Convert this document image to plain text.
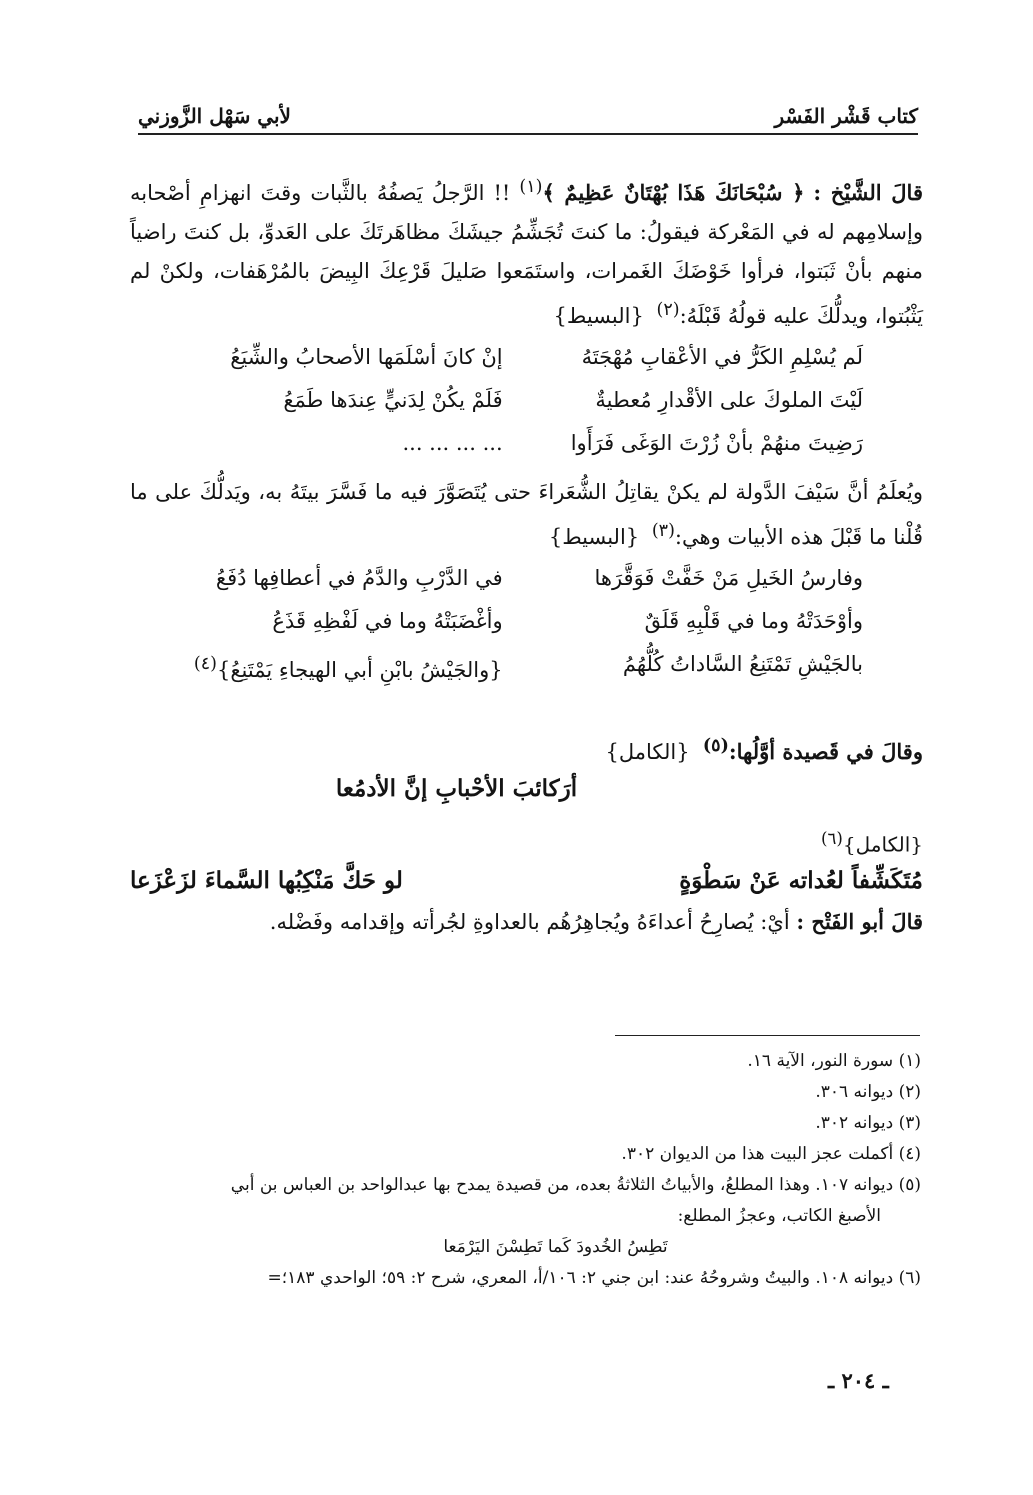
لأبي سَهْل الزَّوزني	كتاب قَشْر الفَسْر

قالَ الشَّيْخ : ﴿ سُبْحَانَكَ هَذَا بُهْتَانٌ عَظِيمٌ ﴾$^{(١)}$ !! الرَّجلُ يَصفُهُ بالثَّبات وقتَ انهزامِ أصْحابه وإسلامِهم له في المَعْركة فيقولُ: ما كنتَ تُجَشِّمُ جيشَكَ مظاهَرتَكَ على العَدوِّ، بل كنتَ راضياً منهم بأنْ ثَبَتوا، فرأوا خَوْضَكَ الغَمرات، واستَمَعوا صَليلَ قَرْعِكَ البِيضَ بالمُرْهَفات، ولكنْ لم يَثْبُتوا، ويدلُّكَ عليه قولُهُ قَبْلَهُ:$^{(٢)}$ {البسيط}

لَم يُسْلِمِ الكَرُّ في الأعْقابِ مُهْجَتَهُ
إنْ كانَ أسْلَمَها الأصحابُ والشِّيَعُ
لَيْتَ الملوكَ على الأقْدارِ مُعطيةٌ
فَلَمْ يكُنْ لِدَنيٍّ عِندَها طَمَعُ
رَضِيتَ منهُمْ بأنْ زُرْتَ الوَغَى فَرَأَوا
... ... ... ...

ويُعلَمُ أنَّ سَيْفَ الدَّولة لم يكنْ يقاتِلُ الشُّعَراءَ حتى يُتَصَوَّرَ فيه ما فَسَّرَ بيتَهُ به، ويَدلُّكَ على ما قُلْنا ما قَبْلَ هذه الأبيات وهي:$^{(٣)}$ {البسيط}

وفارسُ الخَيلِ مَنْ خَفَّتْ فَوَقَّرَها
في الدَّرْبِ والدَّمُ في أعطافِها دُفَعُ
وأوْحَدَتْهُ وما في قَلْبِهِ قَلَقٌ
وأغْضَبَتْهُ وما في لَفْظِهِ قَذَعُ
بالجَيْشِ تَمْتَنِعُ السَّاداتُ كُلُّهُمُ
{والجَيْشُ بابْنِ أبي الهيجاءِ يَمْتَنِعُ}$^{(٤)}$

وقالَ في قَصيدة أوَّلُها:$^{(٥)}$ {الكامل}

أرَكائبَ الأحْبابِ إنَّ الأدمُعا

{الكامل}$^{(٦)}$

مُتَكَشِّفاً لعُداته عَنْ سَطْوَةٍ
لو حَكَّ مَنْكِبُها السَّماءَ لزَعْزَعا

قالَ أبو الفَتْح : أيْ: يُصارِحُ أعداءَهُ ويُجاهِرُهُم بالعداوةِ لجُرأته وإقدامه وفَضْله.

(١) سورة النور، الآية ١٦.

(٢) ديوانه ٣٠٦.

(٣) ديوانه ٣٠٢.

(٤) أكملت عجز البيت هذا من الديوان ٣٠٢.

(٥) ديوانه ١٠٧. وهذا المطلعُ، والأبياتُ الثلاثةُ بعده، من قصيدة يمدح بها عبدالواحد بن العباس بن أبي

الأصبغ الكاتب، وعجزُ المطلع:

تَطِسُ الخُدودَ كَما تَطِسْنَ اليَرْمَعا

(٦) ديوانه ١٠٨. والبيتُ وشروحُهُ عند: ابن جني ٢: ١٠٦/أ، المعري، شرح ٢: ٥٩؛ الواحدي ١٨٣؛=

ـ ٢٠٤ ـ
